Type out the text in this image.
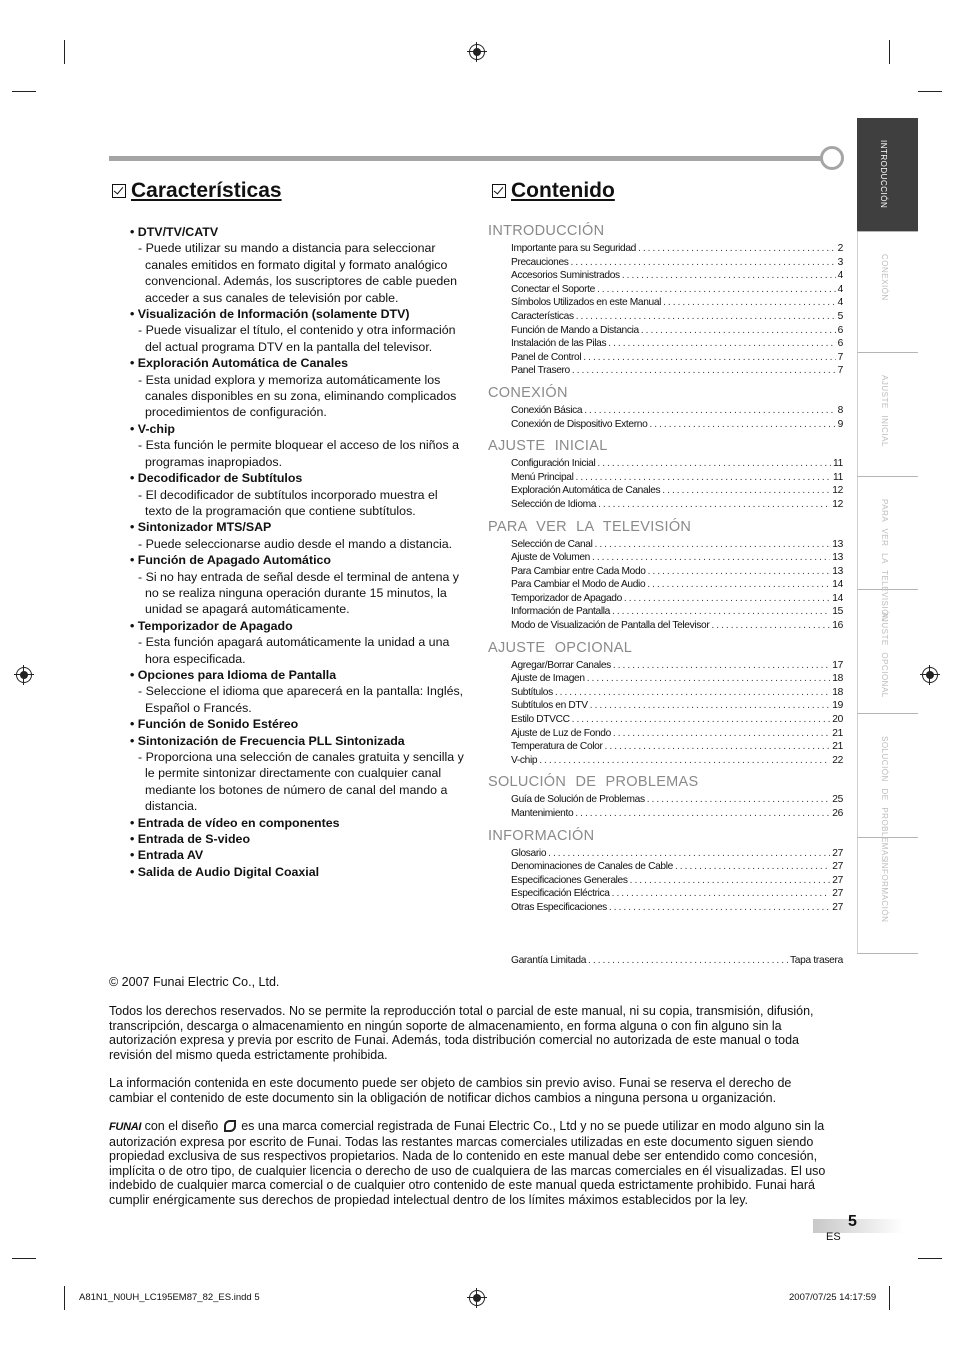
INTRODUCCIÓN
CONEXIÓN
AJUSTE INICIAL
PARA VER LA TELEVISIÓN
AJUSTE OPCIONAL
SOLUCIÓN DE PROBLEMAS
INFORMACIÓN
Características	Contenido
• DTV/TV/CATV
- Puede utilizar su mando a distancia para seleccionar canales emitidos en formato digital y formato analógico convencional. Además, los suscriptores de cable pueden acceder a sus canales de televisión por cable.
• Visualización de Información (solamente DTV)
- Puede visualizar el título, el contenido y otra información del actual programa DTV en la pantalla del televisor.
• Exploración Automática de Canales
- Esta unidad explora y memoriza automáticamente los canales disponibles en su zona, eliminando complicados procedimientos de configuración.
• V-chip
- Esta función le permite bloquear el acceso de los niños a programas inapropiados.
• Decodificador de Subtítulos
- El decodificador de subtítulos incorporado muestra el texto de la programación que contiene subtítulos.
• Sintonizador MTS/SAP
- Puede seleccionarse audio desde el mando a distancia.
• Función de Apagado Automático
- Si no hay entrada de señal desde el terminal de antena y no se realiza ninguna operación durante 15 minutos, la unidad se apagará automáticamente.
• Temporizador de Apagado
- Esta función apagará automáticamente la unidad a una hora especificada.
• Opciones para Idioma de Pantalla
- Seleccione el idioma que aparecerá en la pantalla: Inglés, Español o Francés.
• Función de Sonido Estéreo
• Sintonización de Frecuencia PLL Sintonizada
- Proporciona una selección de canales gratuita y sencilla y le permite sintonizar directamente con cualquier canal mediante los botones de número de canal del mando a distancia.
• Entrada de vídeo en componentes
• Entrada de S-video
• Entrada AV
• Salida de Audio Digital Coaxial
INTRODUCCIÓN
Importante para su Seguridad .....	2
Precauciones .....	3
Accesorios Suministrados .....	4
Conectar el Soporte .....	4
Símbolos Utilizados en este Manual .....	4
Características .....	5
Función de Mando a Distancia .....	6
Instalación de las Pilas .....	6
Panel de Control .....	7
Panel Trasero .....	7
CONEXIÓN
Conexión Básica .....	8
Conexión de Dispositivo Externo .....	9
AJUSTE INICIAL
Configuración Inicial .....	11
Menú Principal .....	11
Exploración Automática de Canales .....	12
Selección de Idioma .....	12
PARA VER LA TELEVISIÓN
Selección de Canal .....	13
Ajuste de Volumen .....	13
Para Cambiar entre Cada Modo .....	13
Para Cambiar el Modo de Audio .....	14
Temporizador de Apagado .....	14
Información de Pantalla .....	15
Modo de Visualización de Pantalla del Televisor .....	16
AJUSTE OPCIONAL
Agregar/Borrar Canales .....	17
Ajuste de Imagen .....	18
Subtítulos .....	18
Subtítulos en DTV .....	19
Estilo DTVCC .....	20
Ajuste de Luz de Fondo .....	21
Temperatura de Color .....	21
V-chip .....	22
SOLUCIÓN DE PROBLEMAS
Guía de Solución de Problemas .....	25
Mantenimiento .....	26
INFORMACIÓN
Glosario .....	27
Denominaciones de Canales de Cable .....	27
Especificaciones Generales .....	27
Especificación Eléctrica .....	27
Otras Especificaciones .....	27
Garantía Limitada .....	Tapa trasera
© 2007 Funai Electric Co., Ltd.
Todos los derechos reservados. No se permite la reproducción total o parcial de este manual, ni su copia, transmisión, difusión, transcripción, descarga o almacenamiento en ningún soporte de almacenamiento, en forma alguna o con fin alguno sin la autorización expresa y previa por escrito de Funai. Además, toda distribución comercial no autorizada de este manual o toda revisión del mismo queda estrictamente prohibida.
La información contenida en este documento puede ser objeto de cambios sin previo aviso. Funai se reserva el derecho de cambiar el contenido de este documento sin la obligación de notificar dichos cambios a ninguna persona u organización.
FUNAI con el diseño es una marca comercial registrada de Funai Electric Co., Ltd y no se puede utilizar en modo alguno sin la autorización expresa por escrito de Funai. Todas las restantes marcas comerciales utilizadas en este documento siguen siendo propiedad exclusiva de sus respectivos propietarios. Nada de lo contenido en este manual debe ser entendido como concesión, implícita o de otro tipo, de cualquier licencia o derecho de uso de cualquiera de las marcas comerciales en él visualizadas. El uso indebido de cualquier marca comercial o de cualquier otro contenido de este manual queda estrictamente prohibido. Funai hará cumplir enérgicamente sus derechos de propiedad intelectual dentro de los límites máximos establecidos por la ley.
5
ES
A81N1_N0UH_LC195EM87_82_ES.indd 5	2007/07/25 14:17:59
